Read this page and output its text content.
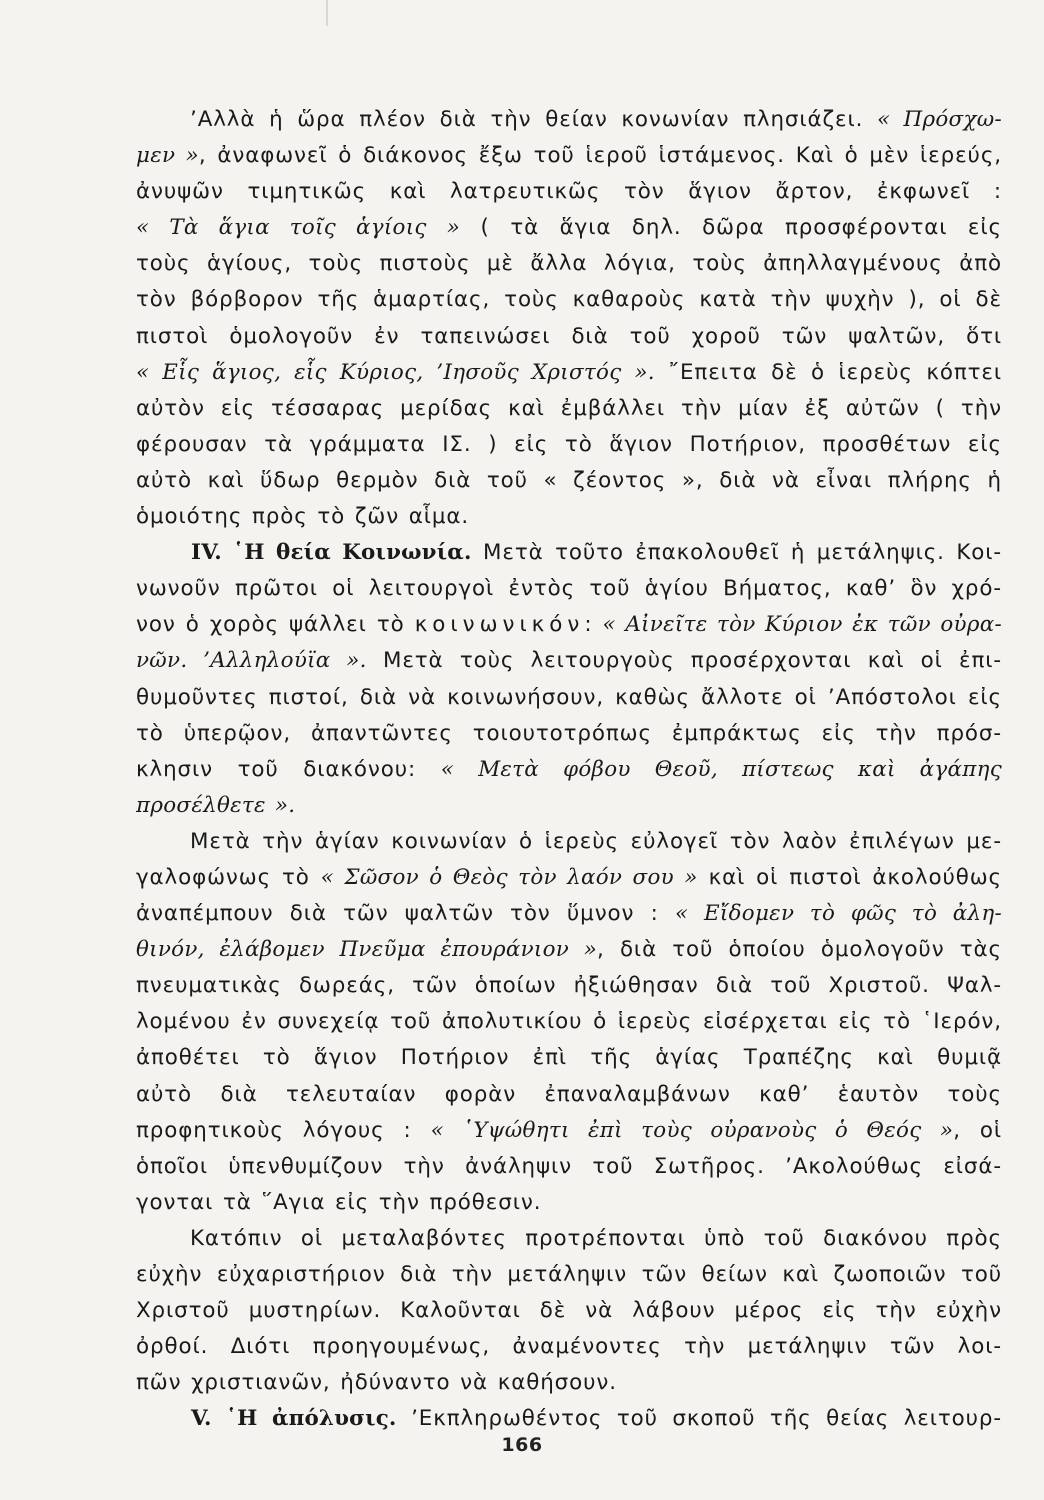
’Αλλὰ ἡ ὥρα πλέον διὰ τὴν θείαν κονωνίαν πλησιάζει. « Πρόσχω-
μεν », ἀναφωνεῖ ὁ διάκονος ἔξω τοῦ ἱεροῦ ἱστάμενος. Καὶ ὁ μὲν ἱερεύς,
ἀνυψῶν τιμητικῶς καὶ λατρευτικῶς τὸν ἅγιον ἄρτον, ἐκφωνεῖ :
« Τὰ ἅγια τοῖς ἁγίοις » ( τὰ ἅγια δηλ. δῶρα προσφέρονται εἰς
τοὺς ἁγίους, τοὺς πιστοὺς μὲ ἄλλα λόγια, τοὺς ἀπηλλαγμένους ἀπὸ
τὸν βόρβορον τῆς ἁμαρτίας, τοὺς καθαροὺς κατὰ τὴν ψυχὴν ), οἱ δὲ
πιστοὶ ὁμολογοῦν ἐν ταπεινώσει διὰ τοῦ χοροῦ τῶν ψαλτῶν, ὅτι
« Εἷς ἅγιος, εἷς Κύριος, ’Ιησοῦς Χριστός ». ῎Επειτα δὲ ὁ ἱερεὺς κόπτει
αὐτὸν εἰς τέσσαρας μερίδας καὶ ἐμβάλλει τὴν μίαν ἐξ αὐτῶν ( τὴν
φέρουσαν τὰ γράμματα ΙΣ. ) εἰς τὸ ἅγιον Ποτήριον, προσθέτων εἰς
αὐτὸ καὶ ὕδωρ θερμὸν διὰ τοῦ « ζέοντος », διὰ νὰ εἶναι πλήρης ἡ
ὁμοιότης πρὸς τὸ ζῶν αἷμα.
IV. ῾Η θεία Κοινωνία. Μετὰ τοῦτο ἐπακολουθεῖ ἡ μετάληψις. Κοι-
νωνοῦν πρῶτοι οἱ λειτουργοὶ ἐντὸς τοῦ ἁγίου Βήματος, καθ’ ὃν χρό-
νον ὁ χορὸς ψάλλει τὸ κοινωνικόν: « Αἰνεῖτε τὸν Κύριον ἐκ τῶν οὐρα-
νῶν. ’Αλληλούϊα ». Μετὰ τοὺς λειτουργοὺς προσέρχονται καὶ οἱ ἐπι-
θυμοῦντες πιστοί, διὰ νὰ κοινωνήσουν, καθὼς ἄλλοτε οἱ ’Απόστολοι εἰς
τὸ ὑπερῷον, ἀπαντῶντες τοιουτοτρόπως ἐμπράκτως εἰς τὴν πρόσ-
κλησιν τοῦ διακόνου: « Μετὰ φόβου Θεοῦ, πίστεως καὶ ἀγάπης
προσέλθετε ».
Μετὰ τὴν ἁγίαν κοινωνίαν ὁ ἱερεὺς εὐλογεῖ τὸν λαὸν ἐπιλέγων με-
γαλοφώνως τὸ « Σῶσον ὁ Θεὸς τὸν λαόν σου » καὶ οἱ πιστοὶ ἀκολούθως
ἀναπέμπουν διὰ τῶν ψαλτῶν τὸν ὕμνον : « Εἴδομεν τὸ φῶς τὸ ἀλη-
θινόν, ἐλάβομεν Πνεῦμα ἐπουράνιον », διὰ τοῦ ὁποίου ὁμολογοῦν τὰς
πνευματικὰς δωρεάς, τῶν ὁποίων ἠξιώθησαν διὰ τοῦ Χριστοῦ. Ψαλ-
λομένου ἐν συνεχείᾳ τοῦ ἀπολυτικίου ὁ ἱερεὺς εἰσέρχεται εἰς τὸ ῾Ιερόν,
ἀποθέτει τὸ ἅγιον Ποτήριον ἐπὶ τῆς ἁγίας Τραπέζης καὶ θυμιᾷ
αὐτὸ διὰ τελευταίαν φορὰν ἐπαναλαμβάνων καθ’ ἑαυτὸν τοὺς
προφητικοὺς λόγους : « ῾Υψώθητι ἐπὶ τοὺς οὐρανοὺς ὁ Θεός », οἱ
ὁποῖοι ὑπενθυμίζουν τὴν ἀνάληψιν τοῦ Σωτῆρος. ’Ακολούθως εἰσά-
γονται τὰ ῞Αγια εἰς τὴν πρόθεσιν.
Κατόπιν οἱ μεταλαβόντες προτρέπονται ὑπὸ τοῦ διακόνου πρὸς
εὐχὴν εὐχαριστήριον διὰ τὴν μετάληψιν τῶν θείων καὶ ζωοποιῶν τοῦ
Χριστοῦ μυστηρίων. Καλοῦνται δὲ νὰ λάβουν μέρος εἰς τὴν εὐχὴν
ὀρθοί. Διότι προηγουμένως, ἀναμένοντες τὴν μετάληψιν τῶν λοι-
πῶν χριστιανῶν, ἠδύναντο νὰ καθήσουν.
V. ῾Η ἀπόλυσις. ’Εκπληρωθέντος τοῦ σκοποῦ τῆς θείας λειτουρ-
166
